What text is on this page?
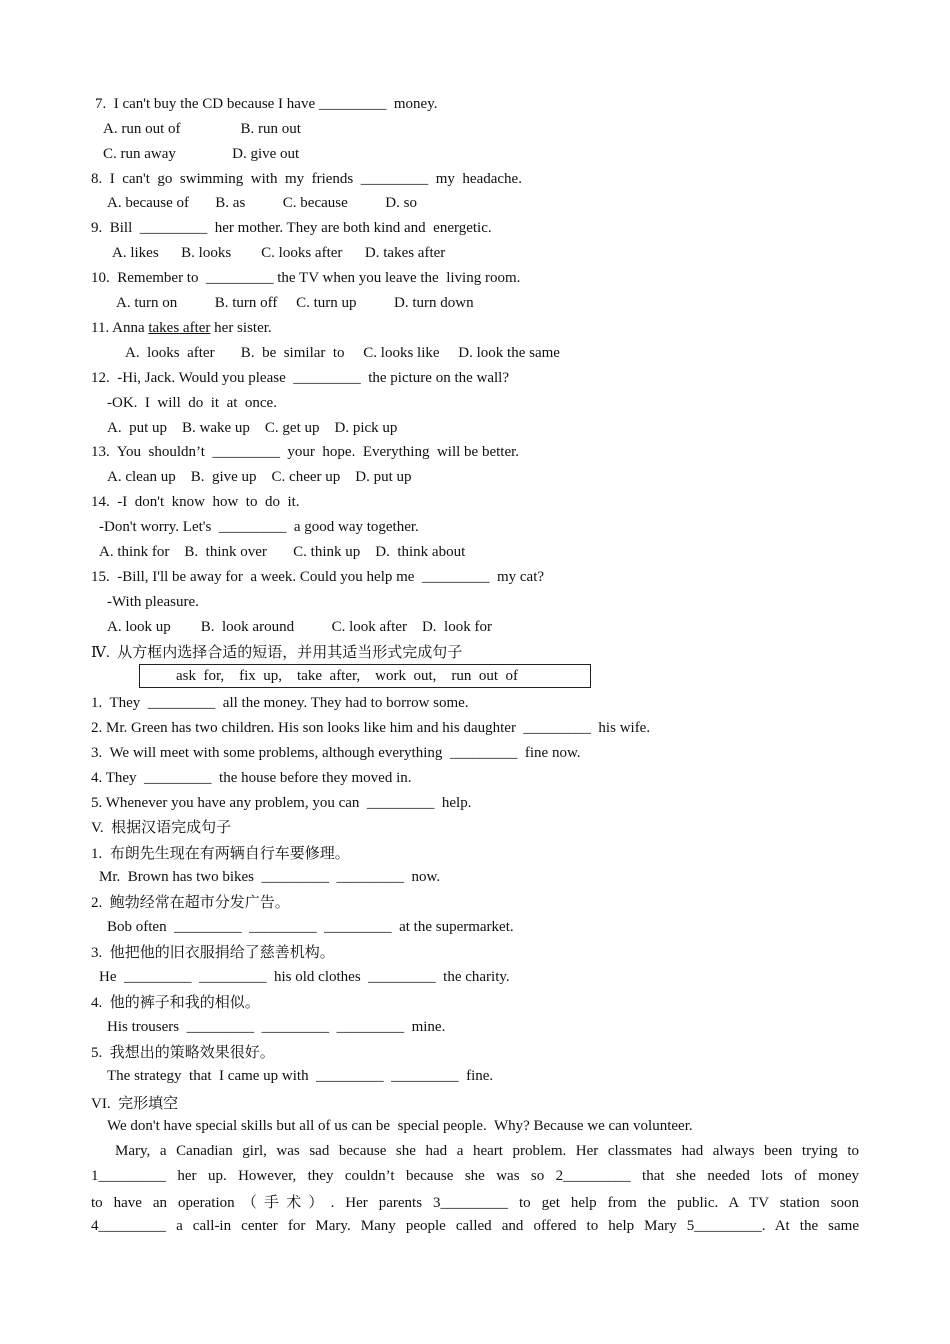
7.  I can't buy the CD because I have _________  money.
A. run out of                B. run out
C. run away               D. give out
8.  I  can't  go  swimming  with  my  friends  _________  my  headache.
A. because of       B. as          C. because          D. so
9.  Bill  _________  her mother. They are both kind and  energetic.
A. likes      B. looks        C. looks after      D. takes after
10.  Remember to  _________ the TV when you leave the  living room.
A. turn on          B. turn off     C. turn up          D. turn down
11. Anna takes after her sister.
A.  looks  after       B.  be  similar  to     C. looks like     D. look the same
12.  -Hi, Jack. Would you please  _________  the picture on the wall?
-OK.  I  will  do  it  at  once.
A.  put up    B. wake up    C. get up    D. pick up
13.  You  shouldn’t  _________  your  hope.  Everything  will be better.
A. clean up    B.  give up    C. cheer up    D. put up
14.  -I  don't  know  how  to  do  it.
-Don't worry. Let's  _________  a good way together.
A. think for    B.  think over       C. think up    D.  think about
15.  -Bill, I'll be away for  a week. Could you help me  _________  my cat?
-With pleasure.
A. look up        B.  look around          C. look after    D.  look for
Ⅳ.  从方框内选择合适的短语，并用其适当形式完成句子
ask  for,    fix  up,    take  after,    work  out,    run  out  of
1.  They  _________  all the money. They had to borrow some.
2. Mr. Green has two children. His son looks like him and his daughter  _________  his wife.
3.  We will meet with some problems, although everything  _________  fine now.
4. They  _________  the house before they moved in.
5. Whenever you have any problem, you can  _________  help.
V.  根据汉语完成句子
1.  布朗先生现在有两辆自行车要修理。
Mr.  Brown has two bikes  _________  _________  now.
2.  鲍勃经常在超市分发广告。
Bob often  _________  _________  _________  at the supermarket.
3.  他把他的旧衣服捐给了慈善机构。
He  _________  _________  his old clothes  _________  the charity.
4.  他的裤子和我的相似。
His trousers  _________  _________  _________  mine.
5.  我想出的策略效果很好。
The strategy  that  I came up with  _________  _________  fine.
VI.  完形填空
We don't have special skills but all of us can be  special people.  Why? Because we can volunteer.
Mary, a Canadian girl, was sad because she had a heart problem. Her classmates had always been trying to
1_________ her up. However, they couldn’t because she was so 2_________ that she needed lots of money
to have an operation（手术）. Her parents 3_________ to get help from the public. A TV station soon
4_________ a call-in center for Mary. Many people called and offered to help Mary 5_________. At the same
